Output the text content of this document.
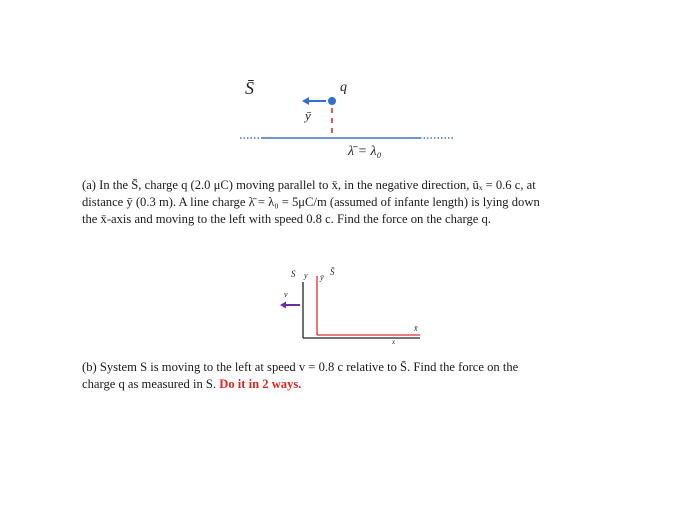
S̄	q
ȳ
λ̄ = λ₀
(a) In the S̄, charge q (2.0 μC) moving parallel to x̄, in the negative direction, ūₓ = 0.6 c, at
distance ȳ (0.3 m). A line charge λ̄ = λ₀ = 5μC/m (assumed of infante length) is lying down
the x̄-axis and moving to the left with speed 0.8 c. Find the force on the charge q.
S y ȳ
S̄
v
x̄
x
(b) System S is moving to the left at speed v = 0.8 c relative to S̄. Find the force on the
charge q as measured in S. Do it in 2 ways.
